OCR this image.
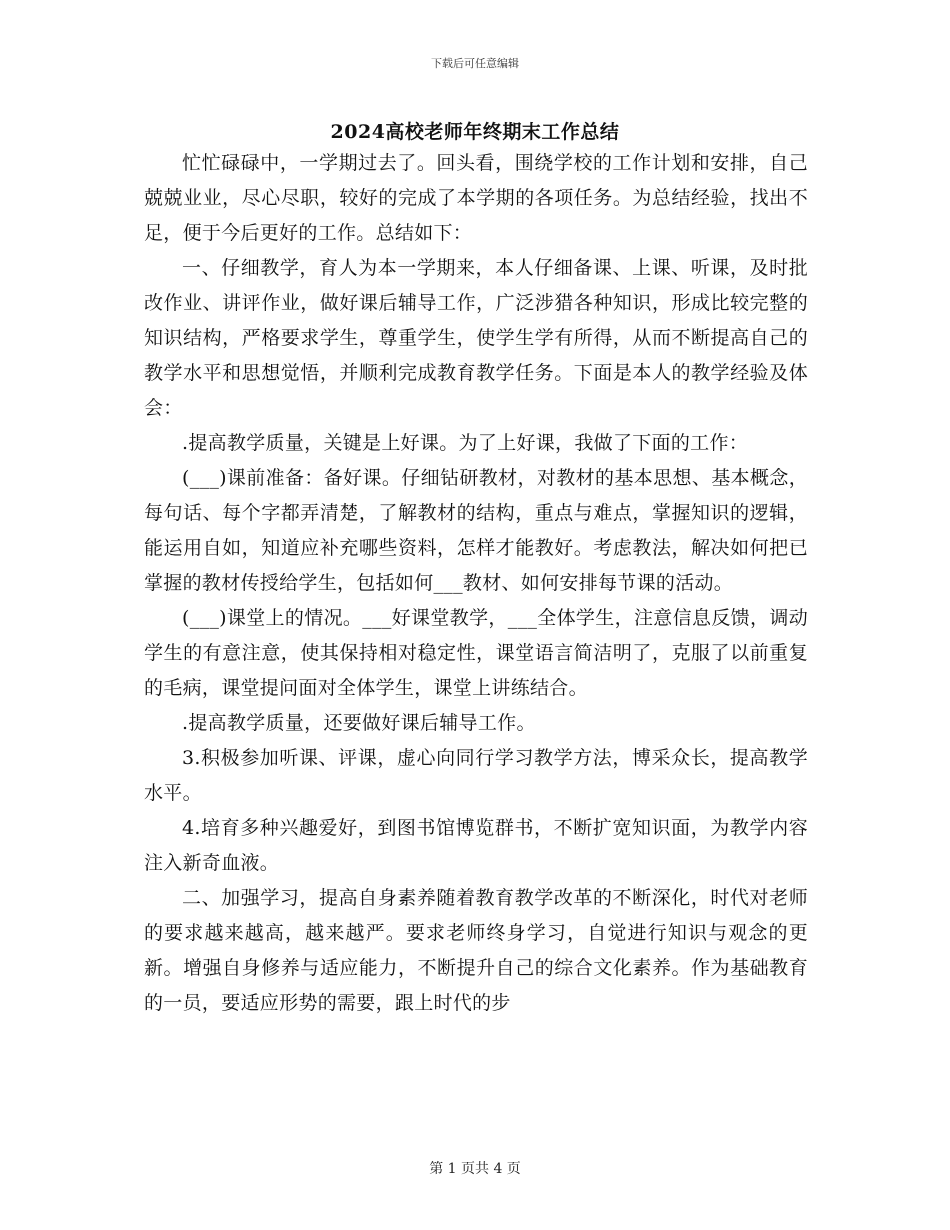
下载后可任意编辑
2024高校老师年终期末工作总结

忙忙碌碌中，一学期过去了。回头看，围绕学校的工作计划和安排，自己兢兢业业，尽心尽职，较好的完成了本学期的各项任务。为总结经验，找出不足，便于今后更好的工作。总结如下：

一、仔细教学，育人为本一学期来，本人仔细备课、上课、听课，及时批改作业、讲评作业，做好课后辅导工作，广泛涉猎各种知识，形成比较完整的知识结构，严格要求学生，尊重学生，使学生学有所得，从而不断提高自己的教学水平和思想觉悟，并顺利完成教育教学任务。下面是本人的教学经验及体会：

.提高教学质量，关键是上好课。为了上好课，我做了下面的工作：

(___)课前准备：备好课。仔细钻研教材，对教材的基本思想、基本概念，每句话、每个字都弄清楚，了解教材的结构，重点与难点，掌握知识的逻辑，能运用自如，知道应补充哪些资料，怎样才能教好。考虑教法，解决如何把已掌握的教材传授给学生，包括如何___教材、如何安排每节课的活动。

(___)课堂上的情况。___好课堂教学，___全体学生，注意信息反馈，调动学生的有意注意，使其保持相对稳定性，课堂语言简洁明了，克服了以前重复的毛病，课堂提问面对全体学生，课堂上讲练结合。

.提高教学质量，还要做好课后辅导工作。

3.积极参加听课、评课，虚心向同行学习教学方法，博采众长，提高教学水平。

4.培育多种兴趣爱好，到图书馆博览群书，不断扩宽知识面，为教学内容注入新奇血液。

二、加强学习，提高自身素养随着教育教学改革的不断深化，时代对老师的要求越来越高，越来越严。要求老师终身学习，自觉进行知识与观念的更新。增强自身修养与适应能力，不断提升自己的综合文化素养。作为基础教育的一员，要适应形势的需要，跟上时代的步

第 1 页共 4 页
